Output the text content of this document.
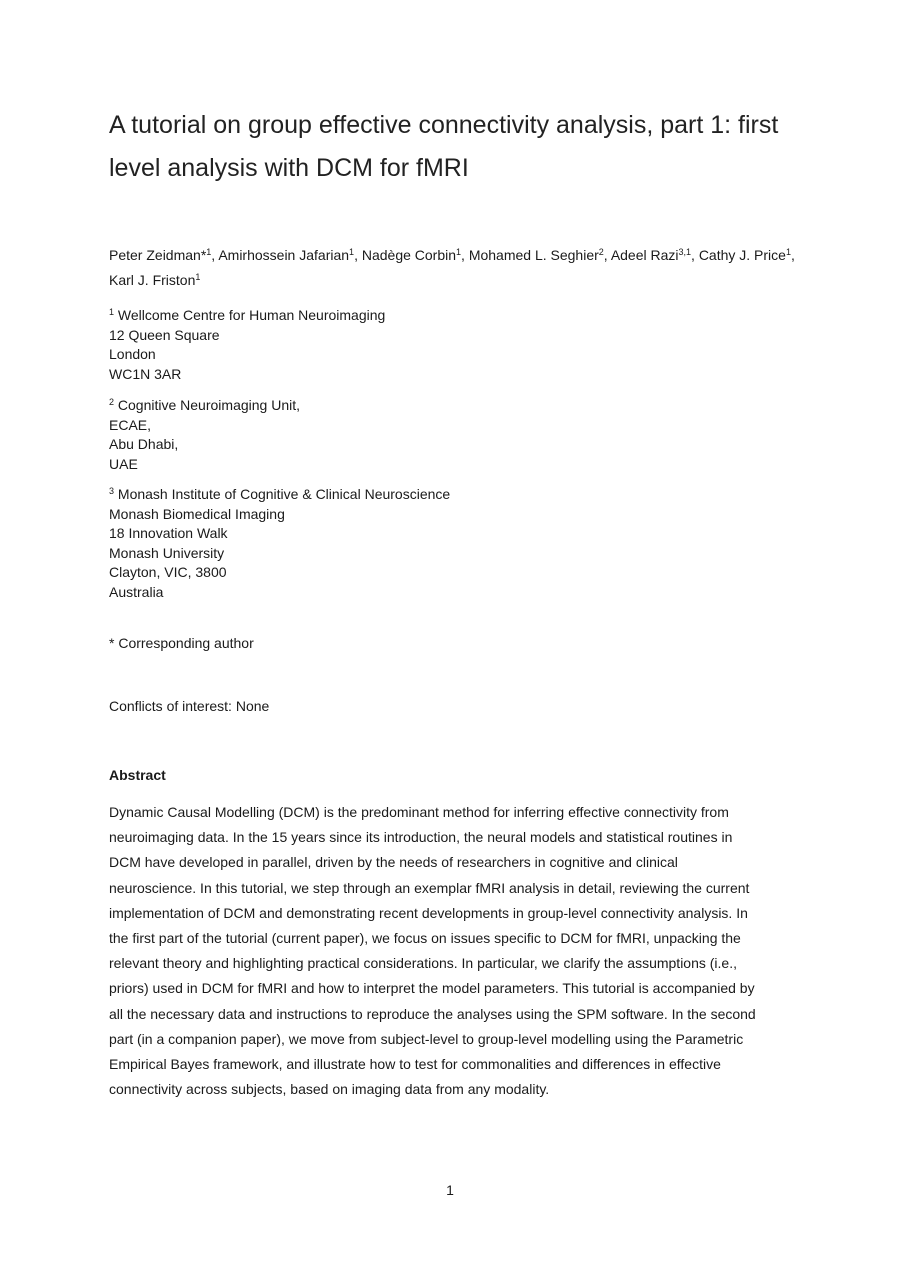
A tutorial on group effective connectivity analysis, part 1: first
level analysis with DCM for fMRI
Peter Zeidman*$^1$, Amirhossein Jafarian$^1$, Nadège Corbin$^1$, Mohamed L. Seghier$^2$, Adeel Razi$^{3,1}$, Cathy J. Price$^1$, Karl J. Friston$^1$
$^1$ Wellcome Centre for Human Neuroimaging
12 Queen Square
London
WC1N 3AR
$^2$ Cognitive Neuroimaging Unit,
ECAE,
Abu Dhabi,
UAE
$^3$ Monash Institute of Cognitive & Clinical Neuroscience
Monash Biomedical Imaging
18 Innovation Walk
Monash University
Clayton, VIC, 3800
Australia
* Corresponding author
Conflicts of interest: None
Abstract
Dynamic Causal Modelling (DCM) is the predominant method for inferring effective connectivity from
neuroimaging data. In the 15 years since its introduction, the neural models and statistical routines in
DCM have developed in parallel, driven by the needs of researchers in cognitive and clinical
neuroscience. In this tutorial, we step through an exemplar fMRI analysis in detail, reviewing the current
implementation of DCM and demonstrating recent developments in group-level connectivity analysis. In
the first part of the tutorial (current paper), we focus on issues specific to DCM for fMRI, unpacking the
relevant theory and highlighting practical considerations. In particular, we clarify the assumptions (i.e.,
priors) used in DCM for fMRI and how to interpret the model parameters. This tutorial is accompanied by
all the necessary data and instructions to reproduce the analyses using the SPM software. In the second
part (in a companion paper), we move from subject-level to group-level modelling using the Parametric
Empirical Bayes framework, and illustrate how to test for commonalities and differences in effective
connectivity across subjects, based on imaging data from any modality.
1
